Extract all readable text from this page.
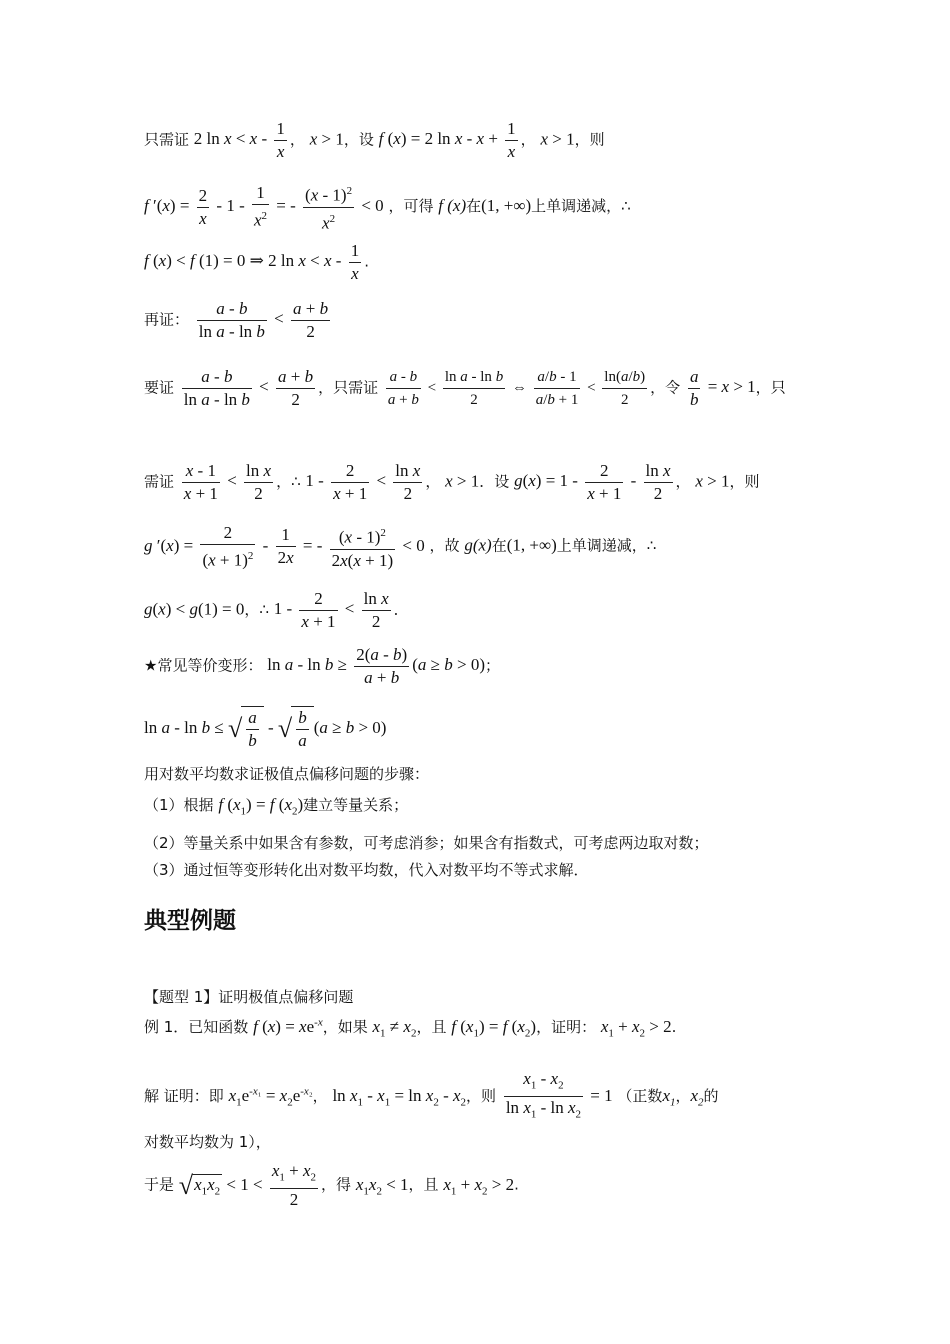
只需证 2 $\ln x < x - \frac{1}{x}$ ， x > 1，设 f (x) = 2 $\ln x - x + \frac{1}{x}$ ， x > 1，则
f $'(x) = \frac{2}{x} - 1 - \frac{1}{x^2}$ = - $\frac{(x - 1)^2}{x^2} < 0$ ，可得 f (x)在(1, +∞)上单调递减，∴
f (x) < f (1) = 0 ⇒ 2 $\ln x < x - \frac{1}{x}$ .
再证： $\frac{a - b}{\text{ln a - ln b}} < \frac{a + b}{2}$
要证 $\frac{a - b}{\text{ln a - ln b}} < \frac{a + b}{2}$ ，只需证 $\frac{a - b}{a + b} < \frac{\text{ln a - ln b}}{2}$ ⇔ $\frac{a/b - 1}{a/b + 1} < \frac{\ln(a/b)}{2}$ ，令 $\frac{a}{b} = x > 1$，只
需证 $\frac{x - 1}{x + 1} < \frac{\text{ln x}}{2}$ ，∴ $1 - \frac{2}{x + 1} < \frac{\text{ln x}}{2}$ ， x > 1．设 $g(x) = 1 - \frac{2}{x + 1} - \frac{\text{ln x}}{2}$ ， x > 1，则
g $'(x) = \frac{2}{(x + 1)^2} - \frac{1}{2x}$ = - $\frac{(x - 1)^2}{2x(x + 1)} < 0$ ，故 g(x)在(1, +∞)上单调递减，∴
g(x) < g(1) = 0，∴ $1 - \frac{2}{x + 1} < \frac{\text{ln x}}{2}$ ．
★常见等价变形： $\ln a - \ln b \ge \frac{2(a - b)}{a + b} (a \ge b > 0)$；
ln a - ln b ≤ √ $\frac{a}{b}$ - √ $\frac{b}{a} (a \ge b > 0)$
用对数平均数求证极值点偏移问题的步骤：
（1）根据 f $(x_1) = f$ $(x_2)$建立等量关系；
（2）等量关系中如果含有参数，可考虑消参；如果含有指数式，可考虑两边取对数；
（3）通过恒等变形转化出对数平均数，代入对数平均不等式求解．
典型例题
【题型 1】证明极值点偏移问题
例 1．已知函数 f $(x) = xe^{-x}$，如果 $x_1 \ne x_2$，且 f $(x_1) = f$ $(x_2)$，证明： $x_1 + x_2 > 2$.
解 证明：即 $x_1e^{-x_1} = x_2e^{-x_2}$， $\ln x_1 - x_1 = \ln x_2 - x_2$，则 $\frac{x_1 - x_2}{\ln x_1 - \ln x_2} = 1$ （正数$x_1$，$x_2$的
对数平均数为 1），
于是 $√x_1x_2 < 1 < \frac{x_1 + x_2}{2}$ ，得 $x_1x_2 < 1$，且 $x_1 + x_2 > 2$.
